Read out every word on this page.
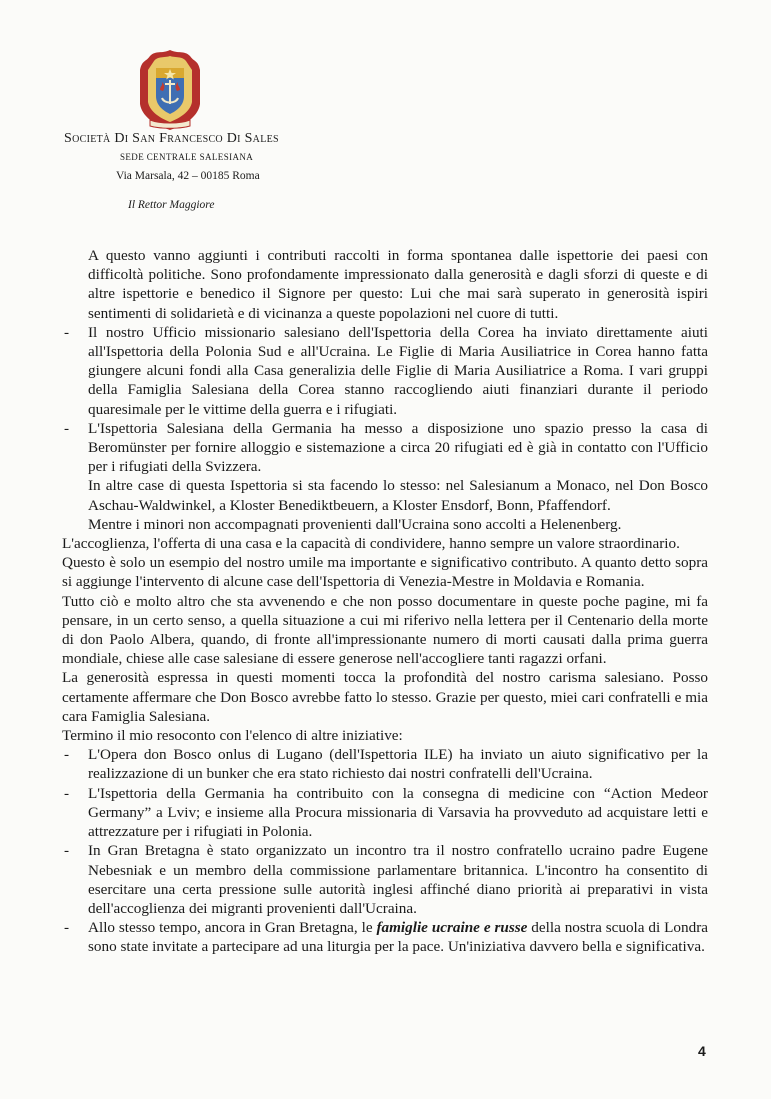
Società Di San Francesco Di Sales
SEDE CENTRALE SALESIANA
Via Marsala, 42 – 00185 Roma
Il Rettor Maggiore

A questo vanno aggiunti i contributi raccolti in forma spontanea dalle ispettorie dei paesi con difficoltà politiche. Sono profondamente impressionato dalla generosità e dagli sforzi di queste e di altre ispettorie e benedico il Signore per questo: Lui che mai sarà superato in generosità ispiri sentimenti di solidarietà e di vicinanza a queste popolazioni nel cuore di tutti.

- Il nostro Ufficio missionario salesiano dell'Ispettoria della Corea ha inviato direttamente aiuti all'Ispettoria della Polonia Sud e all'Ucraina. Le Figlie di Maria Ausiliatrice in Corea hanno fatta giungere alcuni fondi alla Casa generalizia delle Figlie di Maria Ausiliatrice a Roma. I vari gruppi della Famiglia Salesiana della Corea stanno raccogliendo aiuti finanziari durante il periodo quaresimale per le vittime della guerra e i rifugiati.

- L'Ispettoria Salesiana della Germania ha messo a disposizione uno spazio presso la casa di Beromünster per fornire alloggio e sistemazione a circa 20 rifugiati ed è già in contatto con l'Ufficio per i rifugiati della Svizzera.

In altre case di questa Ispettoria si sta facendo lo stesso: nel Salesianum a Monaco, nel Don Bosco Aschau-Waldwinkel, a Kloster Benediktbeuern, a Kloster Ensdorf, Bonn, Pfaffendorf.

Mentre i minori non accompagnati provenienti dall'Ucraina sono accolti a Helenenberg.

L'accoglienza, l'offerta di una casa e la capacità di condividere, hanno sempre un valore straordinario.

Questo è solo un esempio del nostro umile ma importante e significativo contributo. A quanto detto sopra si aggiunge l'intervento di alcune case dell'Ispettoria di Venezia-Mestre in Moldavia e Romania.

Tutto ciò e molto altro che sta avvenendo e che non posso documentare in queste poche pagine, mi fa pensare, in un certo senso, a quella situazione a cui mi riferivo nella lettera per il Centenario della morte di don Paolo Albera, quando, di fronte all'impressionante numero di morti causati dalla prima guerra mondiale, chiese alle case salesiane di essere generose nell'accogliere tanti ragazzi orfani.

La generosità espressa in questi momenti tocca la profondità del nostro carisma salesiano. Posso certamente affermare che Don Bosco avrebbe fatto lo stesso. Grazie per questo, miei cari confratelli e mia cara Famiglia Salesiana.

Termino il mio resoconto con l'elenco di altre iniziative:

- L'Opera don Bosco onlus di Lugano (dell'Ispettoria ILE) ha inviato un aiuto significativo per la realizzazione di un bunker che era stato richiesto dai nostri confratelli dell'Ucraina.

- L'Ispettoria della Germania ha contribuito con la consegna di medicine con “Action Medeor Germany” a Lviv; e insieme alla Procura missionaria di Varsavia ha provveduto ad acquistare letti e attrezzature per i rifugiati in Polonia.

- In Gran Bretagna è stato organizzato un incontro tra il nostro confratello ucraino padre Eugene Nebesniak e un membro della commissione parlamentare britannica. L'incontro ha consentito di esercitare una certa pressione sulle autorità inglesi affinché diano priorità ai preparativi in vista dell'accoglienza dei migranti provenienti dall'Ucraina.

- Allo stesso tempo, ancora in Gran Bretagna, le famiglie ucraine e russe della nostra scuola di Londra sono state invitate a partecipare ad una liturgia per la pace. Un'iniziativa davvero bella e significativa.

4
